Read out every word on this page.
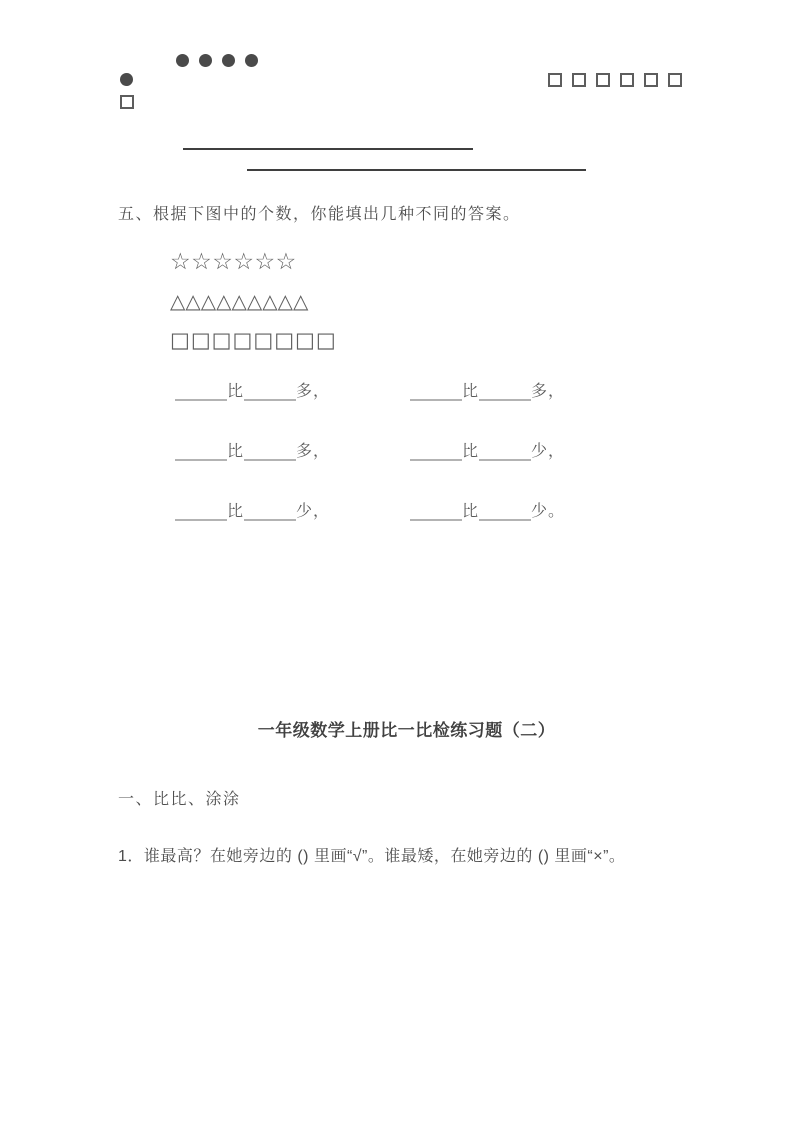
五、根据下图中的个数，你能填出几种不同的答案。
☆☆☆☆☆☆
△△△△△△△△△
□□□□□□□□
比	多，	比	多，
比	多，	比	少，
比	少，	比	少。
一年级数学上册比一比检练习题（二）
一、比比、涂涂
1．谁最高？在她旁边的 () 里画“√”。谁最矮，在她旁边的 () 里画“×”。
